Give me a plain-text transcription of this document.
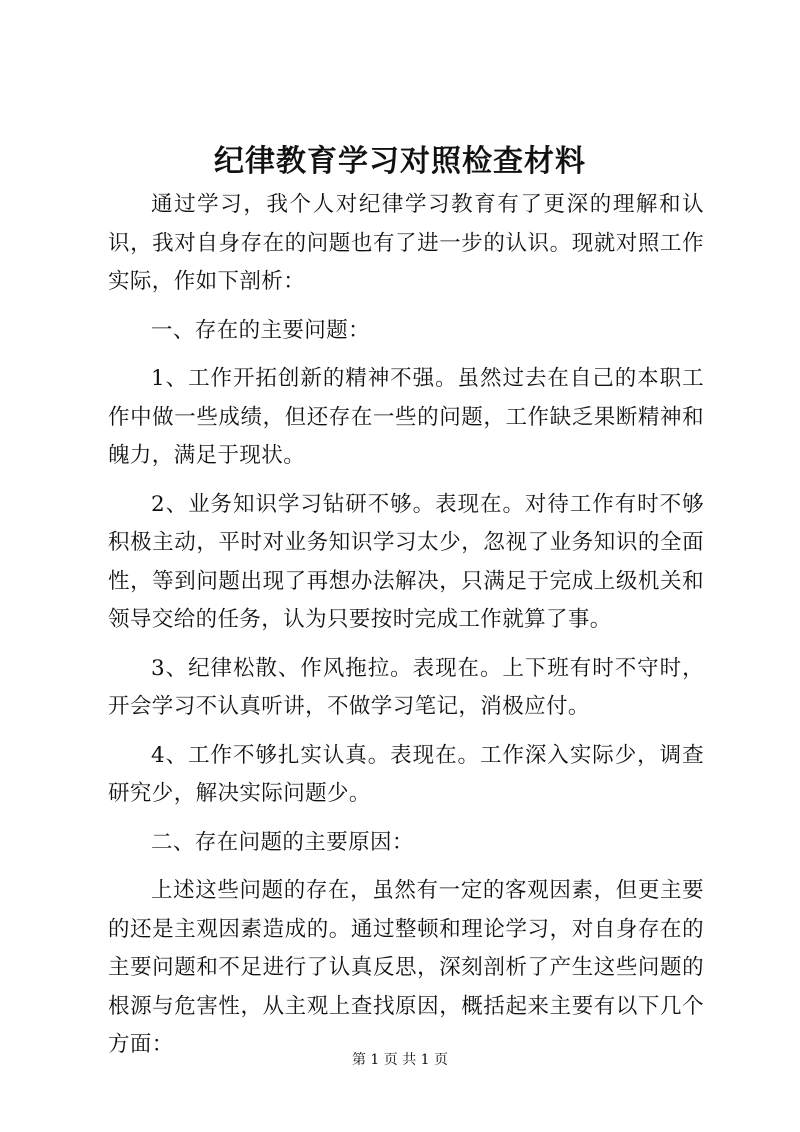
纪律教育学习对照检查材料

通过学习，我个人对纪律学习教育有了更深的理解和认识，我对自身存在的问题也有了进一步的认识。现就对照工作实际，作如下剖析：

一、存在的主要问题：

1、工作开拓创新的精神不强。虽然过去在自己的本职工作中做一些成绩，但还存在一些的问题，工作缺乏果断精神和魄力，满足于现状。

2、业务知识学习钻研不够。表现在。对待工作有时不够积极主动，平时对业务知识学习太少，忽视了业务知识的全面性，等到问题出现了再想办法解决，只满足于完成上级机关和领导交给的任务，认为只要按时完成工作就算了事。

3、纪律松散、作风拖拉。表现在。上下班有时不守时，开会学习不认真听讲，不做学习笔记，消极应付。

4、工作不够扎实认真。表现在。工作深入实际少，调查研究少，解决实际问题少。

二、存在问题的主要原因：

上述这些问题的存在，虽然有一定的客观因素，但更主要的还是主观因素造成的。通过整顿和理论学习，对自身存在的主要问题和不足进行了认真反思，深刻剖析了产生这些问题的根源与危害性，从主观上查找原因，概括起来主要有以下几个方面：

第 1 页 共 1 页
